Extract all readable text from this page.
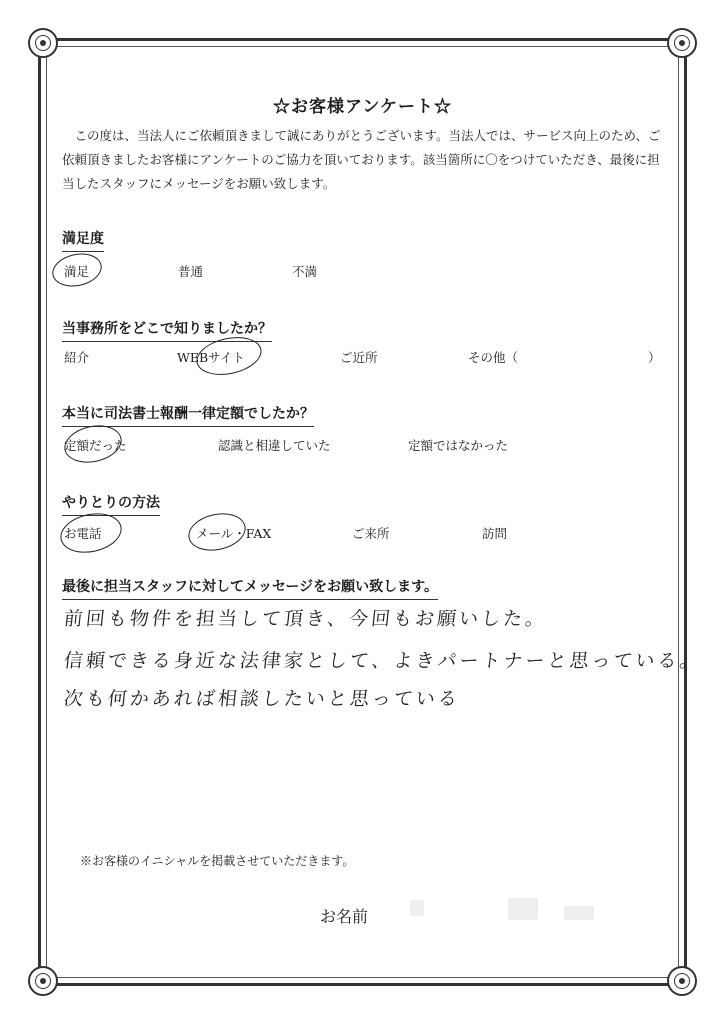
☆お客様アンケート☆
この度は、当法人にご依頼頂きまして誠にありがとうございます。当法人では、サービス向上のため、ご依頼頂きましたお客様にアンケートのご協力を頂いております。該当箇所に〇をつけていただき、最後に担当したスタッフにメッセージをお願い致します。
満足度
満足	普通	不満
当事務所をどこで知りましたか？
紹介	WEBサイト	ご近所	その他（	）
本当に司法書士報酬一律定額でしたか？
定額だった	認識と相違していた	定額ではなかった
やりとりの方法
お電話	メール・FAX	ご来所	訪問
最後に担当スタッフに対してメッセージをお願い致します。
前回も物件を担当して頂き、今回もお願いした。
信頼できる身近な法律家として、よきパートナーと思っている。
次も何かあれば相談したいと思っている
※お客様のイニシャルを掲載させていただきます。
お名前
